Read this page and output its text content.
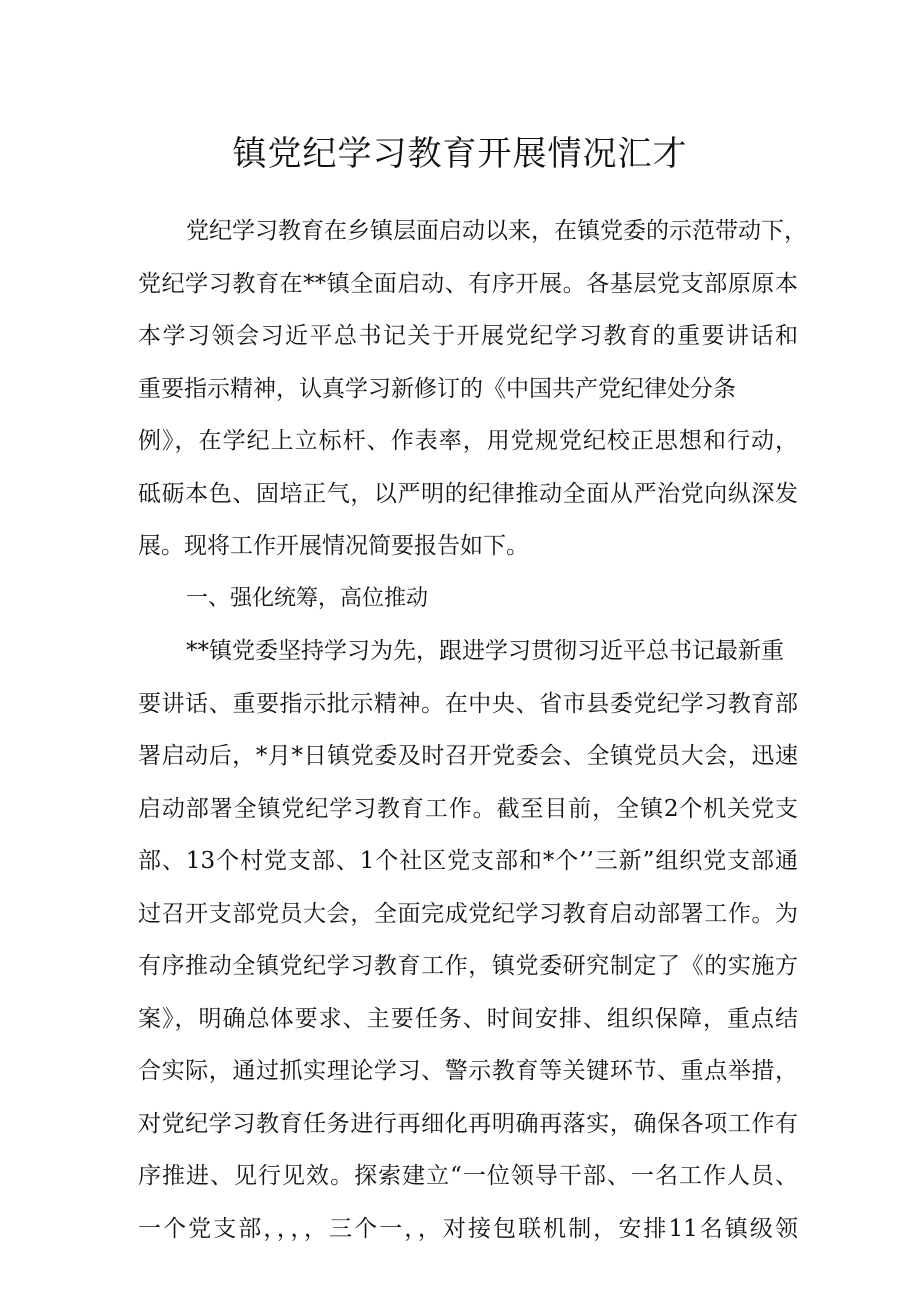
镇党纪学习教育开展情况汇才
党纪学习教育在乡镇层面启动以来，在镇党委的示范带动下，
党纪学习教育在**镇全面启动、有序开展。各基层党支部原原本
本学习领会习近平总书记关于开展党纪学习教育的重要讲话和
重要指示精神，认真学习新修订的《中国共产党纪律处分条
例》，在学纪上立标杆、作表率，用党规党纪校正思想和行动，
砥砺本色、固培正气，以严明的纪律推动全面从严治党向纵深发
展。现将工作开展情况简要报告如下。
一、强化统筹，高位推动
**镇党委坚持学习为先，跟进学习贯彻习近平总书记最新重
要讲话、重要指示批示精神。在中央、省市县委党纪学习教育部
署启动后，*月*日镇党委及时召开党委会、全镇党员大会，迅速
启动部署全镇党纪学习教育工作。截至目前，全镇2个机关党支
部、13个村党支部、1个社区党支部和*个’’三新”组织党支部通
过召开支部党员大会，全面完成党纪学习教育启动部署工作。为
有序推动全镇党纪学习教育工作，镇党委研究制定了《的实施方
案》，明确总体要求、主要任务、时间安排、组织保障，重点结
合实际，通过抓实理论学习、警示教育等关键环节、重点举措，
对党纪学习教育任务进行再细化再明确再落实，确保各项工作有
序推进、见行见效。探索建立“一位领导干部、一名工作人员、
一个党支部，，，，三个一，，对接包联机制，安排11名镇级领
